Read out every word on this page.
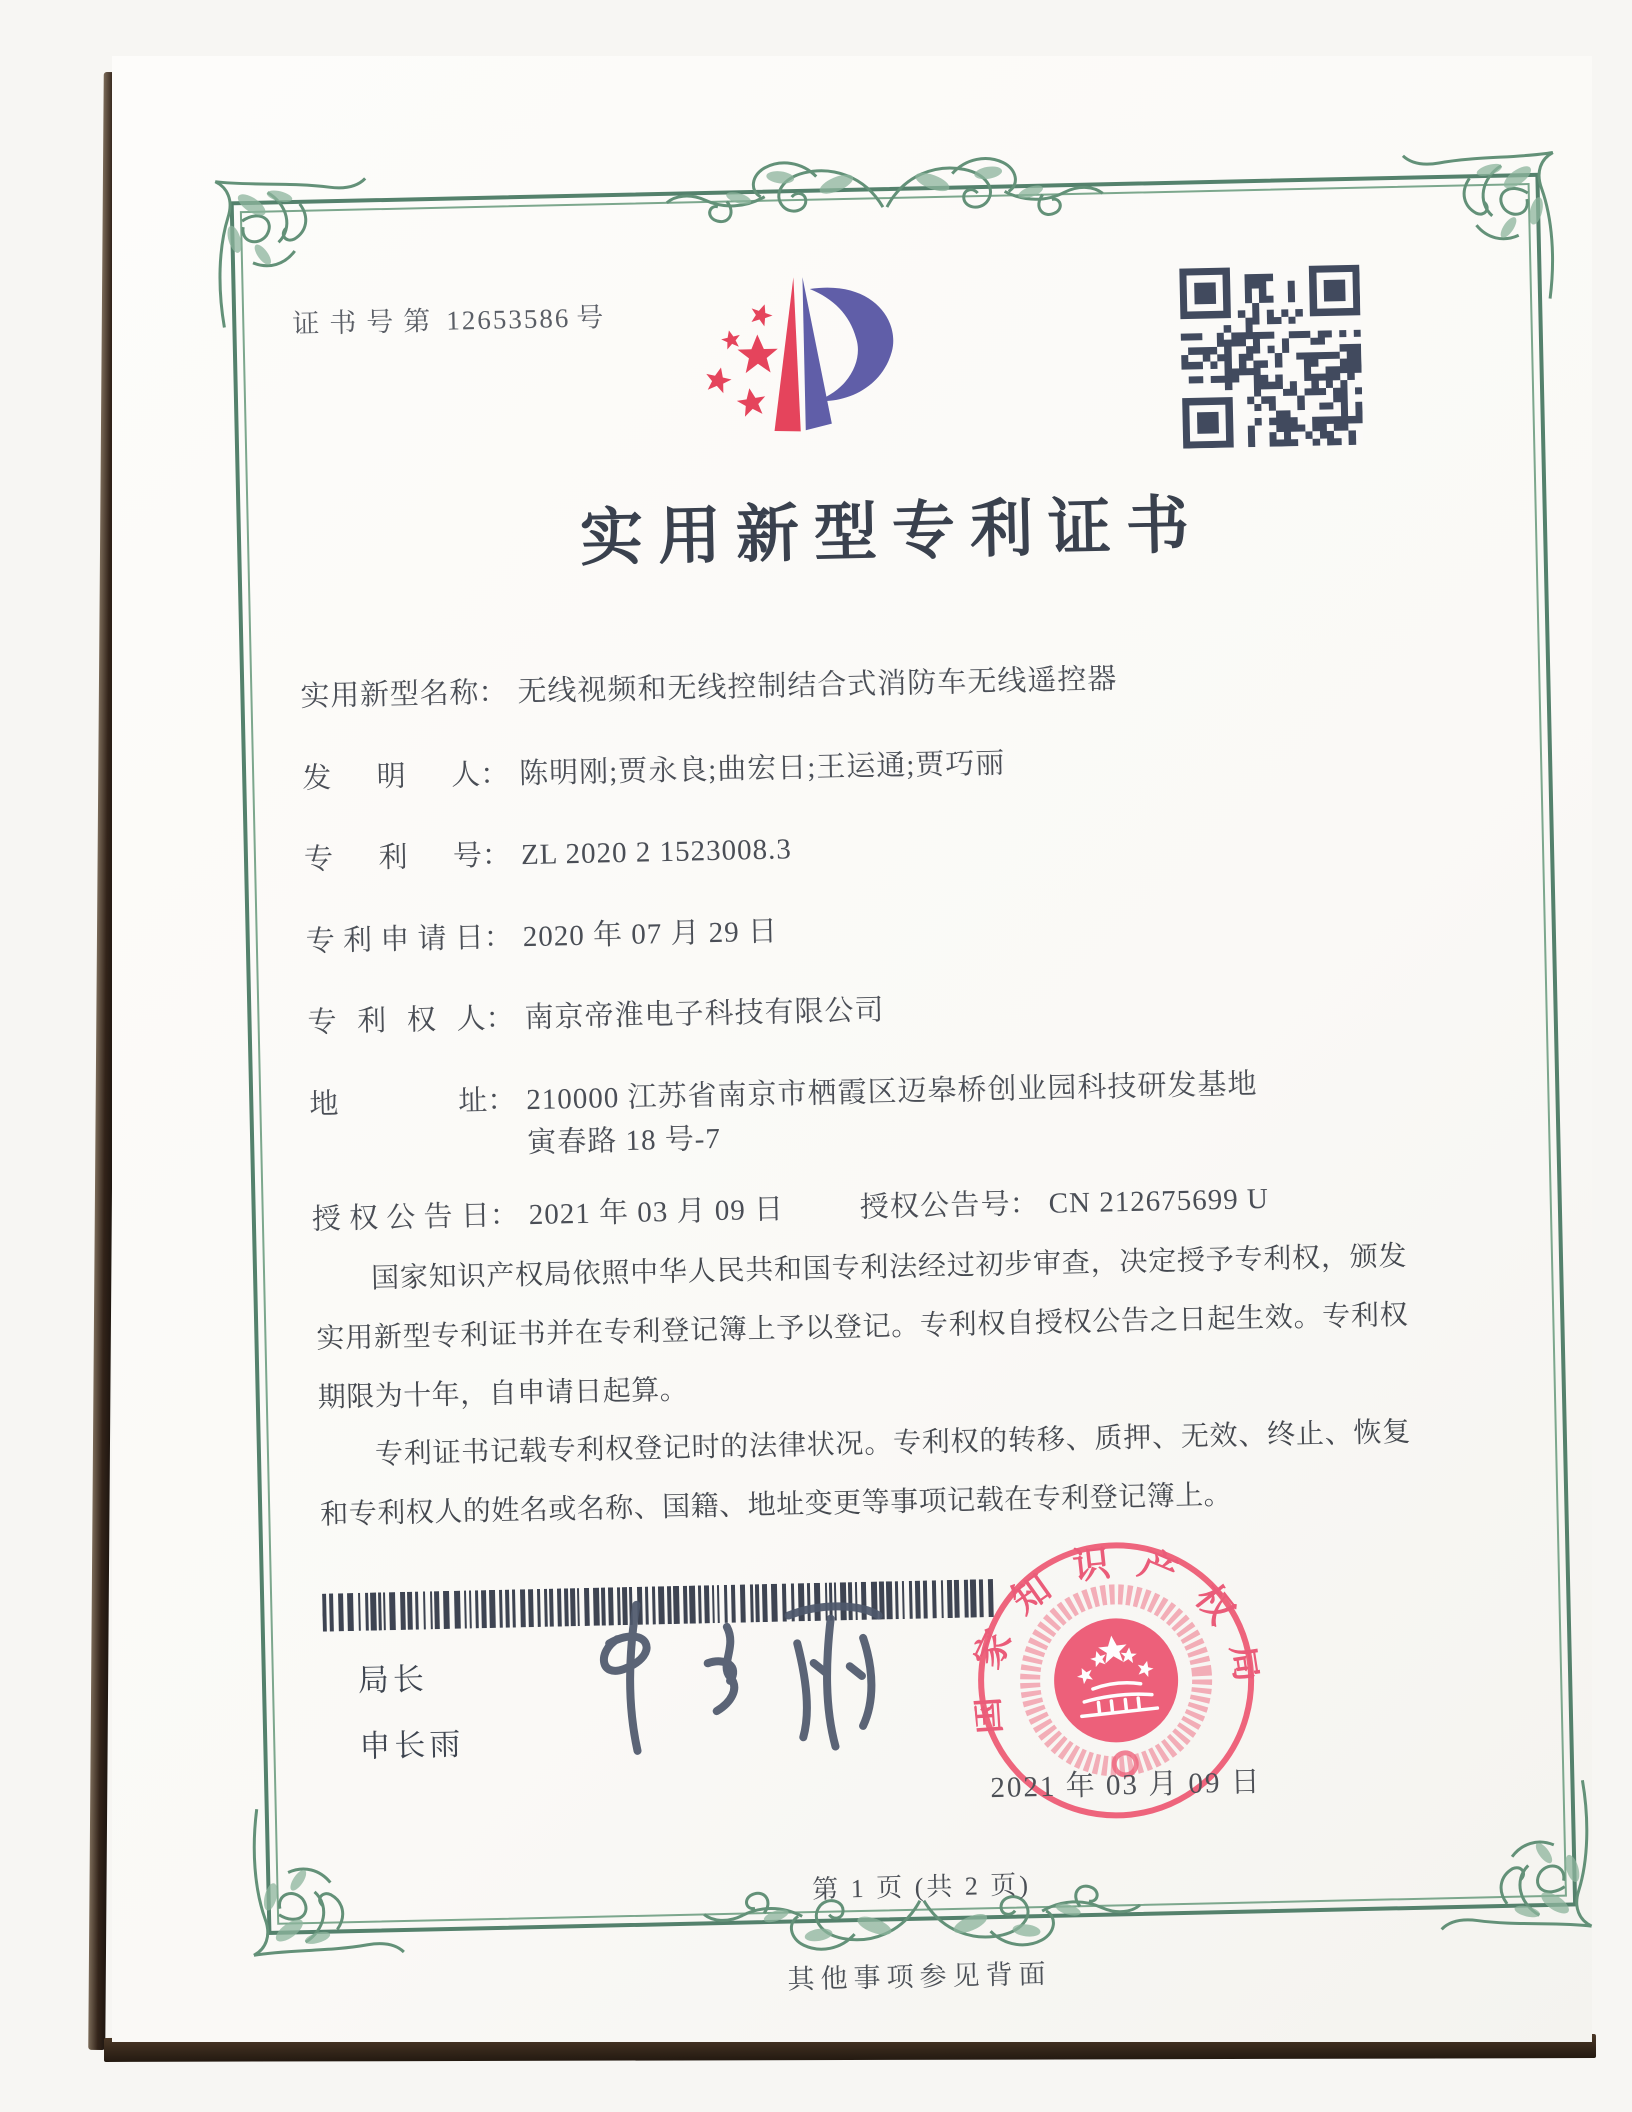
证书号第 12653586 号
实用新型专利证书
实用新型名称： 无线视频和无线控制结合式消防车无线遥控器
发明人： 陈明刚;贾永良;曲宏日;王运通;贾巧丽
专利号： ZL 2020 2 1523008.3
专利申请日： 2020 年 07 月 29 日
专利权人： 南京帝淮电子科技有限公司
地址： 210000 江苏省南京市栖霞区迈皋桥创业园科技研发基地
寅春路 18 号-7
授权公告日： 2021 年 03 月 09 日	授权公告号： CN 212675699 U

国家知识产权局依照中华人民共和国专利法经过初步审查，决定授予专利权，颁发实用新型专利证书并在专利登记簿上予以登记。专利权自授权公告之日起生效。专利权期限为十年，自申请日起算。

专利证书记载专利权登记时的法律状况。专利权的转移、质押、无效、终止、恢复和专利权人的姓名或名称、国籍、地址变更等事项记载在专利登记簿上。

局长
申长雨
国家知识产权局
2021 年 03 月 09 日
第 1 页 (共 2 页)
其他事项参见背面
